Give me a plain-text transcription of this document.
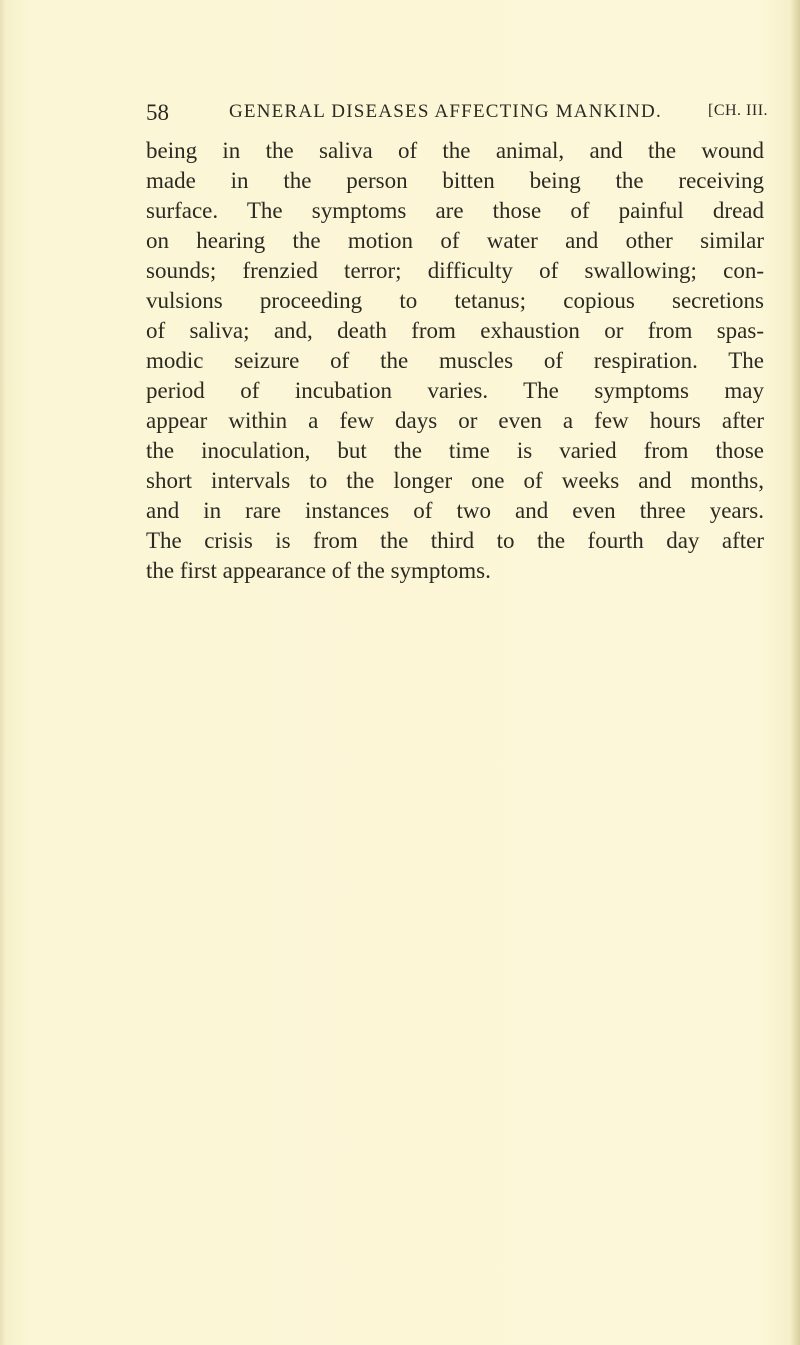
58	GENERAL DISEASES AFFECTING MANKIND.	[CH. III.
being in the saliva of the animal, and the wound
made in the person bitten being the receiving
surface. The symptoms are those of painful dread
on hearing the motion of water and other similar
sounds; frenzied terror; difficulty of swallowing; con-
vulsions proceeding to tetanus; copious secretions
of saliva; and, death from exhaustion or from spas-
modic seizure of the muscles of respiration. The
period of incubation varies. The symptoms may
appear within a few days or even a few hours after
the inoculation, but the time is varied from those
short intervals to the longer one of weeks and months,
and in rare instances of two and even three years.
The crisis is from the third to the fourth day after
the first appearance of the symptoms.
